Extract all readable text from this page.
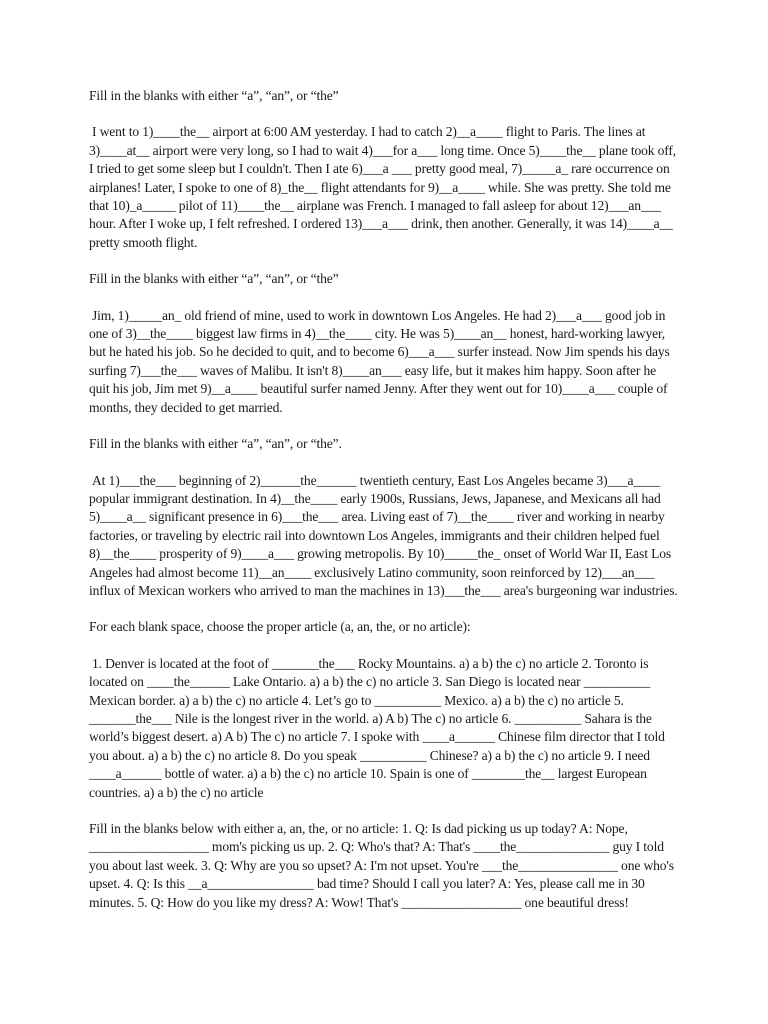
Fill in the blanks with either “a”, “an”, or “the”

I went to 1)____the__ airport at 6:00 AM yesterday. I had to catch 2)__a____ flight to Paris. The lines at 3)____at__ airport were very long, so I had to wait 4)___for a___ long time. Once 5)____the__ plane took off, I tried to get some sleep but I couldn't. Then I ate 6)___a ___ pretty good meal, 7)_____a_ rare occurrence on airplanes! Later, I spoke to one of 8)_the__ flight attendants for 9)__a____ while. She was pretty. She told me that 10)_a_____ pilot of 11)____the__ airplane was French. I managed to fall asleep for about 12)___an___ hour. After I woke up, I felt refreshed. I ordered 13)___a___ drink, then another. Generally, it was 14)____a__ pretty smooth flight.

Fill in the blanks with either “a”, “an”, or “the”

Jim, 1)_____an_ old friend of mine, used to work in downtown Los Angeles. He had 2)___a___ good job in one of 3)__the____ biggest law firms in 4)__the____ city. He was 5)____an__ honest, hard-working lawyer, but he hated his job. So he decided to quit, and to become 6)___a___ surfer instead. Now Jim spends his days surfing 7)___the___ waves of Malibu. It isn't 8)____an___ easy life, but it makes him happy. Soon after he quit his job, Jim met 9)__a____ beautiful surfer named Jenny. After they went out for 10)____a___ couple of months, they decided to get married.

Fill in the blanks with either “a”, “an”, or “the”.

At 1)___the___ beginning of 2)______the______ twentieth century, East Los Angeles became 3)___a____ popular immigrant destination. In 4)__the____ early 1900s, Russians, Jews, Japanese, and Mexicans all had 5)____a__ significant presence in 6)___the___ area. Living east of 7)__the____ river and working in nearby factories, or traveling by electric rail into downtown Los Angeles, immigrants and their children helped fuel 8)__the____ prosperity of 9)____a___ growing metropolis. By 10)_____the_ onset of World War II, East Los Angeles had almost become 11)__an____ exclusively Latino community, soon reinforced by 12)___an___ influx of Mexican workers who arrived to man the machines in 13)___the___ area's burgeoning war industries.

For each blank space, choose the proper article (a, an, the, or no article):

1. Denver is located at the foot of _______the___ Rocky Mountains. a) a b) the c) no article 2. Toronto is located on ____the______ Lake Ontario. a) a b) the c) no article 3. San Diego is located near __________ Mexican border. a) a b) the c) no article 4. Let’s go to __________ Mexico. a) a b) the c) no article 5. _______the___ Nile is the longest river in the world. a) A b) The c) no article 6. __________ Sahara is the world’s biggest desert. a) A b) The c) no article 7. I spoke with ____a______ Chinese film director that I told you about. a) a b) the c) no article 8. Do you speak __________ Chinese? a) a b) the c) no article 9. I need ____a______ bottle of water. a) a b) the c) no article 10. Spain is one of ________the__ largest European countries. a) a b) the c) no article

Fill in the blanks below with either a, an, the, or no article: 1. Q: Is dad picking us up today? A: Nope, __________________ mom's picking us up. 2. Q: Who's that? A: That's ____the______________ guy I told you about last week. 3. Q: Why are you so upset? A: I'm not upset. You're ___the_______________ one who's upset. 4. Q: Is this __a________________ bad time? Should I call you later? A: Yes, please call me in 30 minutes. 5. Q: How do you like my dress? A: Wow! That's __________________ one beautiful dress!
